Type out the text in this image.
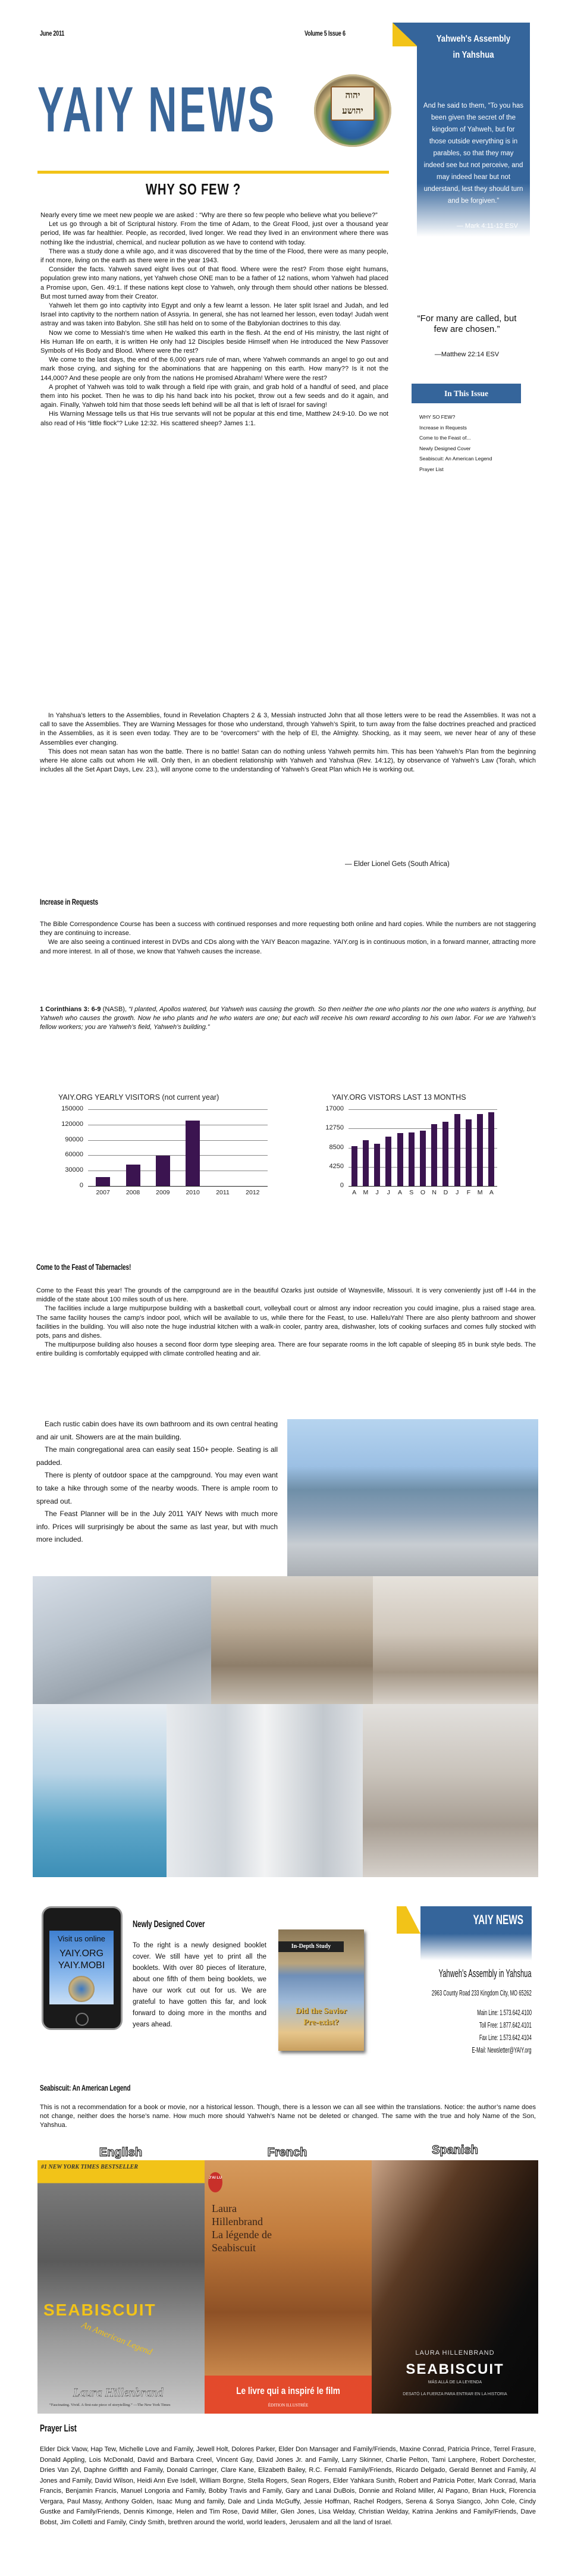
June 2011	Volume 5 Issue 6
YAIY NEWS	יהוה
יהושע
WHY SO FEW ?
Yahweh's Assembly
in Yahshua
And he said to them, “To you has been given the secret of the kingdom of Yahweh, but for those outside everything is in parables, so that they may indeed see but not perceive, and may indeed hear but not understand, lest they should turn and be forgiven.”
— Mark 4:11-12 ESV
“For many are called, but few are chosen.”
—Matthew 22:14 ESV
In This Issue
WHY SO FEW?
Increase in Requests
Come to the Feast of...
Newly Designed Cover
Seabiscuit: An American Legend
Prayer List

Nearly every time we meet new people we are asked : “Why are there so few people who believe what you believe?”

Let us go through a bit of Scriptural history. From the time of Adam, to the Great Flood, just over a thousand year period, life was far healthier. People, as recorded, lived longer. We read they lived in an environment where there was nothing like the industrial, chemical, and nuclear pollution as we have to contend with today.

There was a study done a while ago, and it was discovered that by the time of the Flood, there were as many people, if not more, living on the earth as there were in the year 1943.

Consider the facts. Yahweh saved eight lives out of that flood. Where were the rest? From those eight humans, population grew into many nations, yet Yahweh chose ONE man to be a father of 12 nations, whom Yahweh had placed a Promise upon, Gen. 49:1. If these nations kept close to Yahweh, only through them should other nations be blessed. But most turned away from their Creator.

Yahweh let them go into captivity into Egypt and only a few learnt a lesson. He later split Israel and Judah, and led Israel into captivity to the northern nation of Assyria. In general, she has not learned her lesson, even today! Judah went astray and was taken into Babylon. She still has held on to some of the Babylonian doctrines to this day.

Now we come to Messiah’s time when He walked this earth in the flesh. At the end of His ministry, the last night of His Human life on earth, it is written He only had 12 Disciples beside Himself when He introduced the New Passover Symbols of His Body and Blood. Where were the rest?

We come to the last days, the end of the 6,000 years rule of man, where Yahweh commands an angel to go out and mark those crying, and sighing for the abominations that are happening on this earth. How many?? Is it not the 144,000? And these people are only from the nations He promised Abraham! Where were the rest?

A prophet of Yahweh was told to walk through a field ripe with grain, and grab hold of a handful of seed, and place them into his pocket. Then he was to dip his hand back into his pocket, throw out a few seeds and do it again, and again. Finally, Yahweh told him that those seeds left behind will be all that is left of Israel for saving!

His Warning Message tells us that His true servants will not be popular at this end time, Matthew 24:9-10. Do we not also read of His “little flock”? Luke 12:32. His scattered sheep? James 1:1.

In Yahshua’s letters to the Assemblies, found in Revelation Chapters 2 & 3, Messiah instructed John that all those letters were to be read the Assemblies. It was not a call to save the Assemblies. They are Warning Messages for those who understand, through Yahweh’s Spirit, to turn away from the false doctrines preached and practiced in the Assemblies, as it is seen even today. They are to be “overcomers” with the help of El, the Almighty. Shocking, as it may seem, we never hear of any of these Assemblies ever changing.

This does not mean satan has won the battle. There is no battle! Satan can do nothing unless Yahweh permits him. This has been Yahweh’s Plan from the beginning where He alone calls out whom He will. Only then, in an obedient relationship with Yahweh and Yahshua (Rev. 14:12), by observance of Yahweh’s Law (Torah, which includes all the Set Apart Days, Lev. 23.), will anyone come to the understanding of Yahweh’s Great Plan which He is working out.

— Elder Lionel Gets (South Africa)
Increase in Requests

The Bible Correspondence Course has been a success with continued responses and more requesting both online and hard copies. While the numbers are not staggering they are continuing to increase.

We are also seeing a continued interest in DVDs and CDs along with the YAIY Beacon magazine. YAIY.org is in continuous motion, in a forward manner, attracting more and more interest. In all of those, we know that Yahweh causes the increase.

1 Corinthians 3: 6-9 (NASB), “I planted, Apollos watered, but Yahweh was causing the growth. So then neither the one who plants nor the one who waters is anything, but Yahweh who causes the growth. Now he who plants and he who waters are one; but each will receive his own reward according to his own labor. For we are Yahweh’s fellow workers; you are Yahweh’s field, Yahweh’s building.”
YAIY.ORG YEARLY VISITORS (not current year)
150000
120000
90000
60000
30000
0
2007	2008	2009	2010	2011	2012
YAIY.ORG VISTORS LAST 13 MONTHS
17000
12750
8500
4250
0
A	M	J	J	A	S	O	N	D	J	F	M	A
Come to the Feast of Tabernacles!

Come to the Feast this year! The grounds of the campground are in the beautiful Ozarks just outside of Waynesville, Missouri. It is very conveniently just off I-44 in the middle of the state about 100 miles south of us here.

The facilities include a large multipurpose building with a basketball court, volleyball court or almost any indoor recreation you could imagine, plus a raised stage area. The same facility houses the camp's indoor pool, which will be available to us, while there for the Feast, to use. HalleluYah! There are also plenty bathroom and shower facilities in the building. You will also note the huge industrial kitchen with a walk-in cooler, pantry area, dishwasher, lots of cooking surfaces and comes fully stocked with pots, pans and dishes.

The multipurpose building also houses a second floor dorm type sleeping area. There are four separate rooms in the loft capable of sleeping 85 in bunk style beds. The entire building is comfortably equipped with climate controlled heating and air.

Each rustic cabin does have its own bathroom and its own central heating and air unit. Showers are at the main building.

The main congregational area can easily seat 150+ people. Seating is all padded.

There is plenty of outdoor space at the campground. You may even want to take a hike through some of the nearby woods. There is ample room to spread out.

The Feast Planner will be in the July 2011 YAIY News with much more info. Prices will surprisingly be about the same as last year, but with much more included.

Visit us online
YAIY.ORG
YAIY.MOBI
Newly Designed Cover
To the right is a newly designed booklet cover. We still have yet to print all the booklets. With over 80 pieces of literature, about one fifth of them being booklets, we have our work cut out for us. We are grateful to have gotten this far, and look forward to doing more in the months and years ahead.
In-Depth Study
Did the Savior
Pre-exist?
YAIY NEWS
Yahweh's Assembly in Yahshua
2963 County Road 233 Kingdom City, MO 65262
Main Line: 1.573.642.4100
Toll Free: 1.877.642.4101
Fax Line: 1.573.642.4104
E-Mail: Newsletter@YAIY.org
Seabiscuit: An American Legend

This is not a recommendation for a book or movie, nor a historical lesson. Though, there is a lesson we can all see within the translations. Notice: the author’s name does not change, neither does the horse’s name. How much more should Yahweh’s Name not be deleted or changed. The same with the true and holy Name of the Son, Yahshua.

#1 NEW YORK TIMES BESTSELLER
SEABISCUIT
An American Legend
Laura Hillenbrand
“Fascinating. Vivid. A first-rate piece of storytelling.” —The New York Times
J'AI LU
Laura Hillenbrand
La légende de Seabiscuit
Le livre qui a inspiré le film
ÉDITION ILLUSTRÉE
LAURA HILLENBRAND
SEABISCUIT
MÁS ALLÁ DE LA LEYENDA
DESATÓ LA FUERZA PARA ENTRAR EN LA HISTORIA
English	French	Spanish
Prayer List

Elder Dick Vaow, Hap Tew, Michelle Love and Family, Jewell Holt, Dolores Parker, Elder Don Mansager and Family/Friends, Maxine Conrad, Patricia Prince, Terrel Frasure, Donald Appling, Lois McDonald, David and Barbara Creel, Vincent Gay, David Jones Jr. and Family, Larry Skinner, Charlie Pelton, Tami Lanphere, Robert Dorchester, Dries Van Zyl, Daphne Griffith and Family, Donald Carringer, Clare Kane, Elizabeth Bailey, R.C. Fernald Family/Friends, Ricardo Delgado, Gerald Bennet and Family, Al Jones and Family, David Wilson, Heidi Ann Eve Isdell, William Borgne, Stella Rogers, Sean Rogers, Elder Yahkara Sunith, Robert and Patricia Potter, Mark Conrad, Maria Francis, Benjamin Francis, Manuel Longoria and Family, Bobby Travis and Family, Gary and Lanai DuBois, Donnie and Roland Miller, Al Pagano, Brian Huck, Florencia Vergara, Paul Massy, Anthony Golden, Isaac Mung and family, Dale and Linda McGuffy, Jessie Hoffman, Rachel Rodgers, Serena & Sonya Siangco, John Cole, Cindy Gustke and Family/Friends, Dennis Kimonge, Helen and Tim Rose, David Miller, Glen Jones, Lisa Welday, Christian Welday, Katrina Jenkins and Family/Friends, Dave Bobst, Jim Colletti and Family, Cindy Smith, brethren around the world, world leaders, Jerusalem and all the land of Israel.
